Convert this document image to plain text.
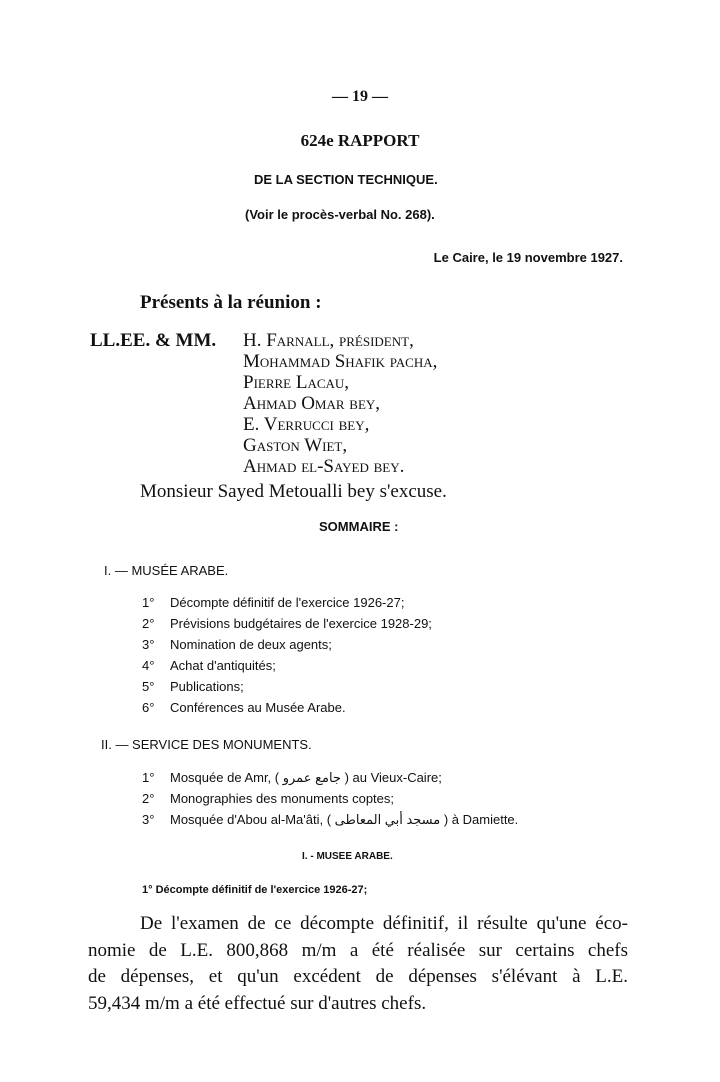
— 19 —
624e RAPPORT
DE LA SECTION TECHNIQUE.
(Voir le procès-verbal No. 268).
Le Caire, le 19 novembre 1927.
Présents à la réunion :
LL.EE. & MM. H. Farnall, président,
Mohammad Shafik pacha,
Pierre Lacau,
Ahmad Omar bey,
E. Verrucci bey,
Gaston Wiet,
Ahmad el-Sayed bey.
Monsieur Sayed Metoualli bey s'excuse.
SOMMAIRE :
I. — MUSÉE ARABE.
1° Décompte définitif de l'exercice 1926-27;
2° Prévisions budgétaires de l'exercice 1928-29;
3° Nomination de deux agents;
4° Achat d'antiquités;
5° Publications;
6° Conférences au Musée Arabe.
II. — SERVICE DES MONUMENTS.
1° Mosquée de Amr, ( جامع عمرو ) au Vieux-Caire;
2° Monographies des monuments coptes;
3° Mosquée d'Abou al-Ma'âti, ( مسجد أبي المعاطى ) à Damiette.
I. - MUSEE ARABE.
1° Décompte définitif de l'exercice 1926-27;
De l'examen de ce décompte définitif, il résulte qu'une éco-
nomie de L.E. 800,868 m/m a été réalisée sur certains chefs
de dépenses, et qu'un excédent de dépenses s'élévant à L.E.
59,434 m/m a été effectué sur d'autres chefs.
